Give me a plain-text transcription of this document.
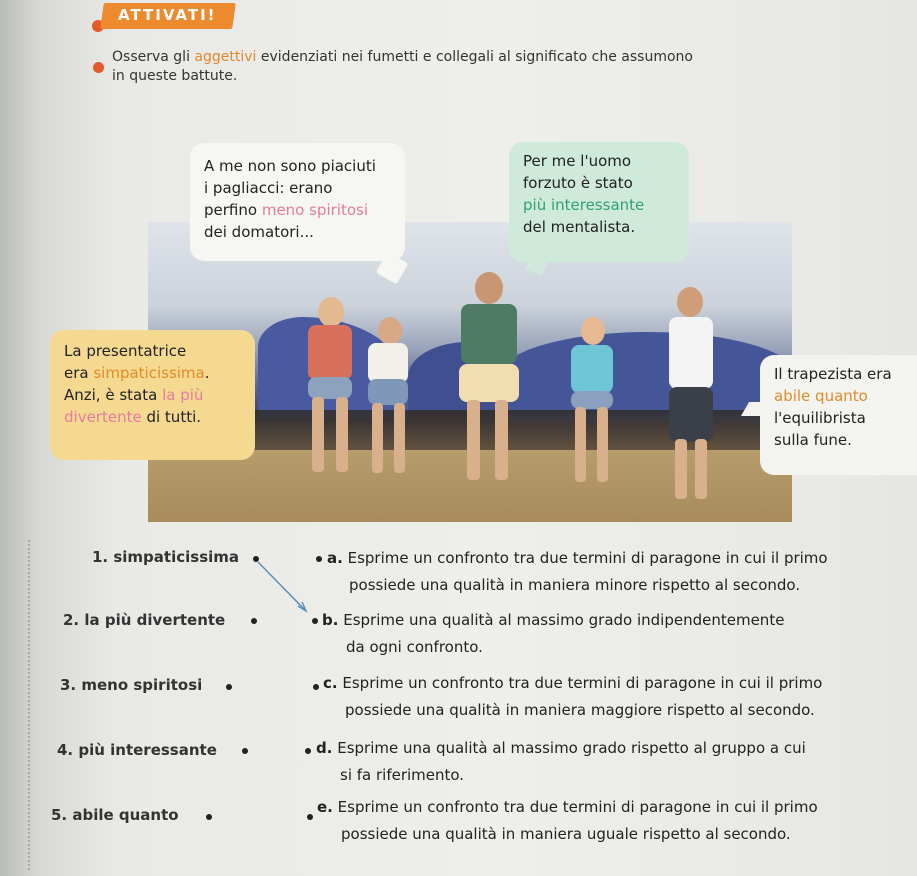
ATTIVATI!
Osserva gli aggettivi evidenziati nei fumetti e collegali al significato che assumono
in queste battute.
A me non sono piaciuti
i pagliacci: erano
perfino meno spiritosi
dei domatori...
Per me l'uomo
forzuto è stato
più interessante
del mentalista.
La presentatrice
era simpaticissima.
Anzi, è stata la più
divertente di tutti.
Il trapezista era
abile quanto
l'equilibrista
sulla fune.
1. simpaticissima
2. la più divertente
3. meno spiritosi
4. più interessante
5. abile quanto
a. Esprime un confronto tra due termini di paragone in cui il primo
possiede una qualità in maniera minore rispetto al secondo.
b. Esprime una qualità al massimo grado indipendentemente
da ogni confronto.
c. Esprime un confronto tra due termini di paragone in cui il primo
possiede una qualità in maniera maggiore rispetto al secondo.
d. Esprime una qualità al massimo grado rispetto al gruppo a cui
si fa riferimento.
e. Esprime un confronto tra due termini di paragone in cui il primo
possiede una qualità in maniera uguale rispetto al secondo.
